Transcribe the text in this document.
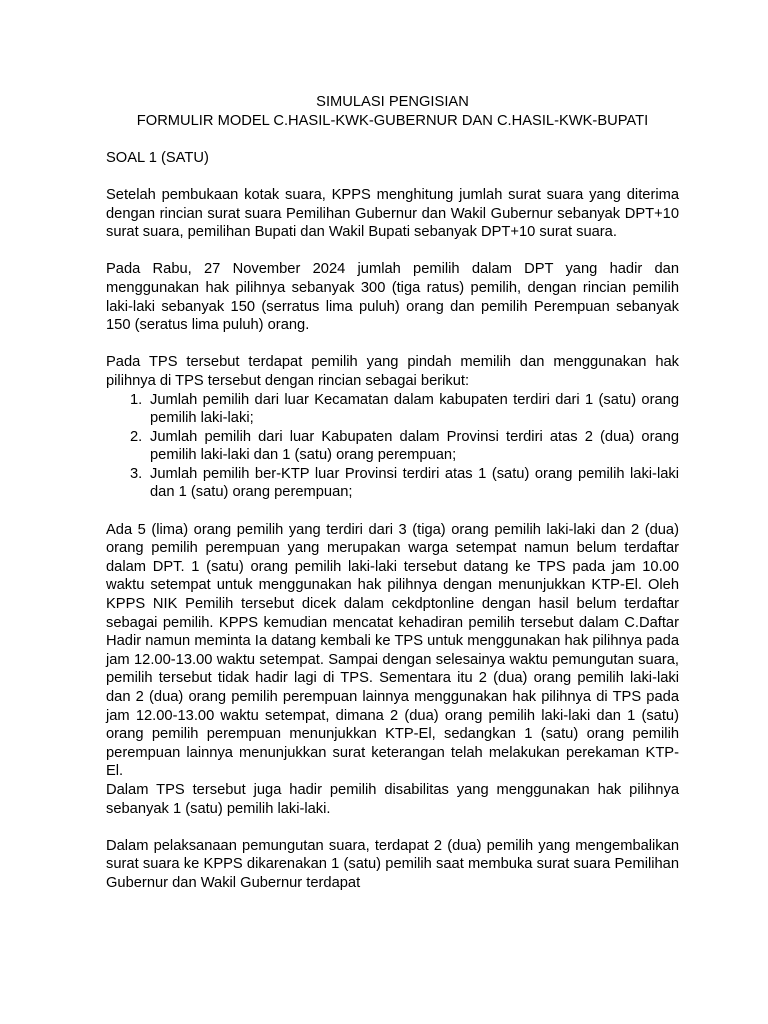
SIMULASI PENGISIAN

FORMULIR MODEL C.HASIL-KWK-GUBERNUR DAN C.HASIL-KWK-BUPATI

SOAL 1 (SATU)

Setelah pembukaan kotak suara, KPPS menghitung jumlah surat suara yang diterima dengan rincian surat suara Pemilihan Gubernur dan Wakil Gubernur sebanyak DPT+10 surat suara, pemilihan Bupati dan Wakil Bupati sebanyak DPT+10 surat suara.

Pada Rabu, 27 November 2024 jumlah pemilih dalam DPT yang hadir dan menggunakan hak pilihnya sebanyak 300 (tiga ratus) pemilih, dengan rincian pemilih laki-laki sebanyak 150 (serratus lima puluh) orang dan pemilih Perempuan sebanyak 150 (seratus lima puluh) orang.

Pada TPS tersebut terdapat pemilih yang pindah memilih dan menggunakan hak pilihnya di TPS tersebut dengan rincian sebagai berikut:

1. Jumlah pemilih dari luar Kecamatan dalam kabupaten terdiri dari 1 (satu) orang pemilih laki-laki;
2. Jumlah pemilih dari luar Kabupaten dalam Provinsi terdiri atas 2 (dua) orang pemilih laki-laki dan 1 (satu) orang perempuan;
3. Jumlah pemilih ber-KTP luar Provinsi terdiri atas 1 (satu) orang pemilih laki-laki dan 1 (satu) orang perempuan;

Ada 5 (lima) orang pemilih yang terdiri dari 3 (tiga) orang pemilih laki-laki dan 2 (dua) orang pemilih perempuan yang merupakan warga setempat namun belum terdaftar dalam DPT. 1 (satu) orang pemilih laki-laki tersebut datang ke TPS pada jam 10.00 waktu setempat untuk menggunakan hak pilihnya dengan menunjukkan KTP-El. Oleh KPPS NIK Pemilih tersebut dicek dalam cekdptonline dengan hasil belum terdaftar sebagai pemilih. KPPS kemudian mencatat kehadiran pemilih tersebut dalam C.Daftar Hadir namun meminta Ia datang kembali ke TPS untuk menggunakan hak pilihnya pada jam 12.00-13.00 waktu setempat. Sampai dengan selesainya waktu pemungutan suara, pemilih tersebut tidak hadir lagi di TPS. Sementara itu 2 (dua) orang pemilih laki-laki dan 2 (dua) orang pemilih perempuan lainnya menggunakan hak pilihnya di TPS pada jam 12.00-13.00 waktu setempat, dimana 2 (dua) orang pemilih laki-laki dan 1 (satu) orang pemilih perempuan menunjukkan KTP-El, sedangkan 1 (satu) orang pemilih perempuan lainnya menunjukkan surat keterangan telah melakukan perekaman KTP-El.

Dalam TPS tersebut juga hadir pemilih disabilitas yang menggunakan hak pilihnya sebanyak 1 (satu) pemilih laki-laki.

Dalam pelaksanaan pemungutan suara, terdapat 2 (dua) pemilih yang mengembalikan surat suara ke KPPS dikarenakan 1 (satu) pemilih saat membuka surat suara Pemilihan Gubernur dan Wakil Gubernur terdapat
